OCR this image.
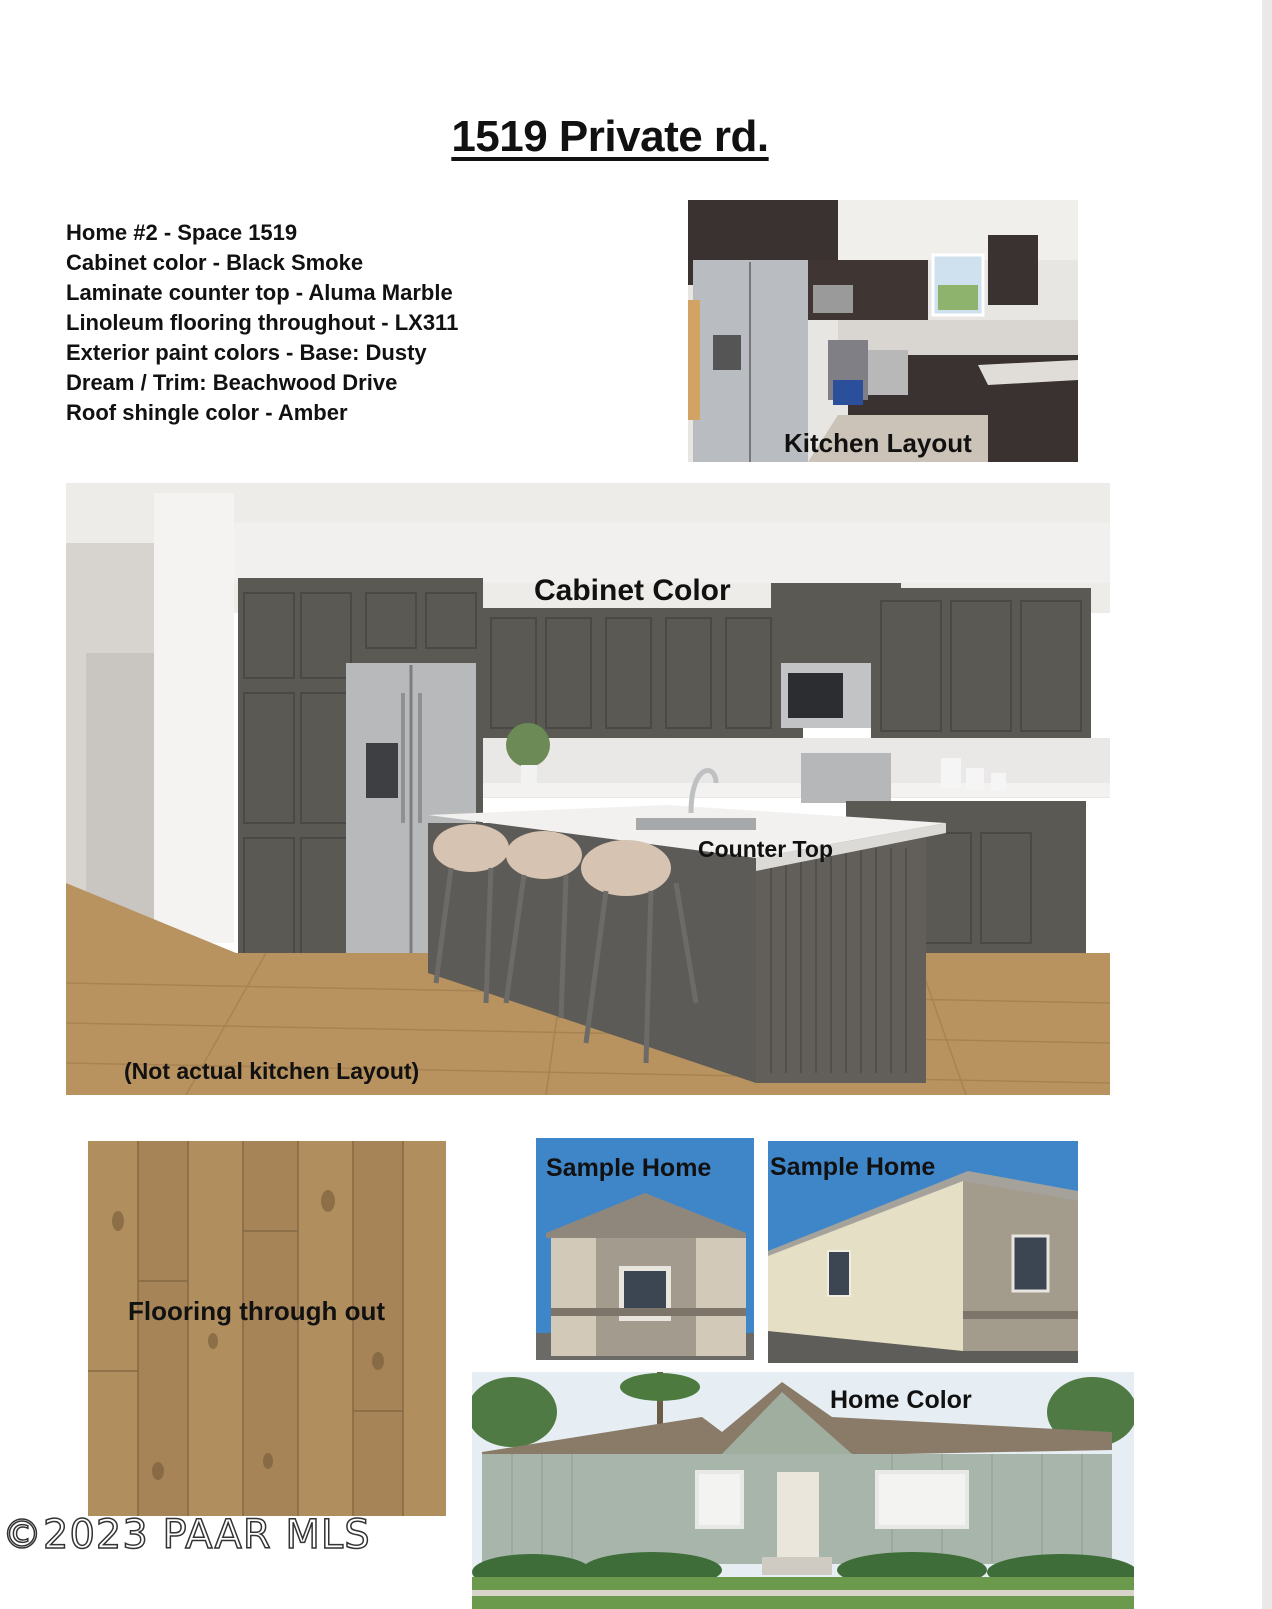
1519 Private rd.
Home #2 - Space 1519
Cabinet color - Black Smoke
Laminate counter top - Aluma Marble
Linoleum flooring throughout - LX311
Exterior paint colors - Base: Dusty
Dream / Trim: Beachwood Drive
Roof shingle color - Amber
Kitchen Layout
Cabinet Color
Counter Top
(Not actual kitchen Layout)
Flooring through out
Sample Home Sample Home
Home Color
©2023 PAAR MLS
